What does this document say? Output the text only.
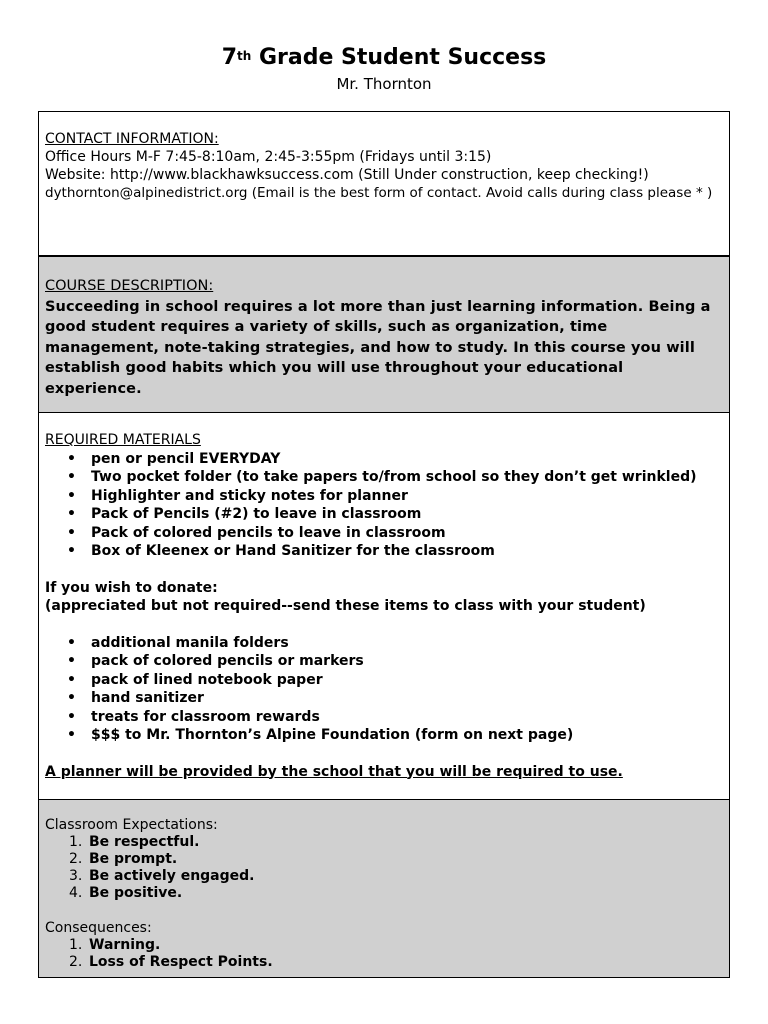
7th Grade Student Success
Mr. Thornton
CONTACT INFORMATION:
Office Hours M-F 7:45-8:10am, 2:45-3:55pm (Fridays until 3:15)
Website: http://www.blackhawksuccess.com (Still Under construction, keep checking!)
dythornton@alpinedistrict.org (Email is the best form of contact. Avoid calls during class please * )
COURSE DESCRIPTION:
Succeeding in school requires a lot more than just learning information. Being a good student requires a variety of skills, such as organization, time management, note-taking strategies, and how to study. In this course you will establish good habits which you will use throughout your educational experience.
REQUIRED MATERIALS
• pen or pencil EVERYDAY
• Two pocket folder (to take papers to/from school so they don’t get wrinkled)
• Highlighter and sticky notes for planner
• Pack of Pencils (#2) to leave in classroom
• Pack of colored pencils to leave in classroom
• Box of Kleenex or Hand Sanitizer for the classroom
If you wish to donate:
(appreciated but not required--send these items to class with your student)
• additional manila folders
• pack of colored pencils or markers
• pack of lined notebook paper
• hand sanitizer
• treats for classroom rewards
• $$$ to Mr. Thornton’s Alpine Foundation (form on next page)
A planner will be provided by the school that you will be required to use.
Classroom Expectations:
1. Be respectful.
2. Be prompt.
3. Be actively engaged.
4. Be positive.
Consequences:
1. Warning.
2. Loss of Respect Points.
